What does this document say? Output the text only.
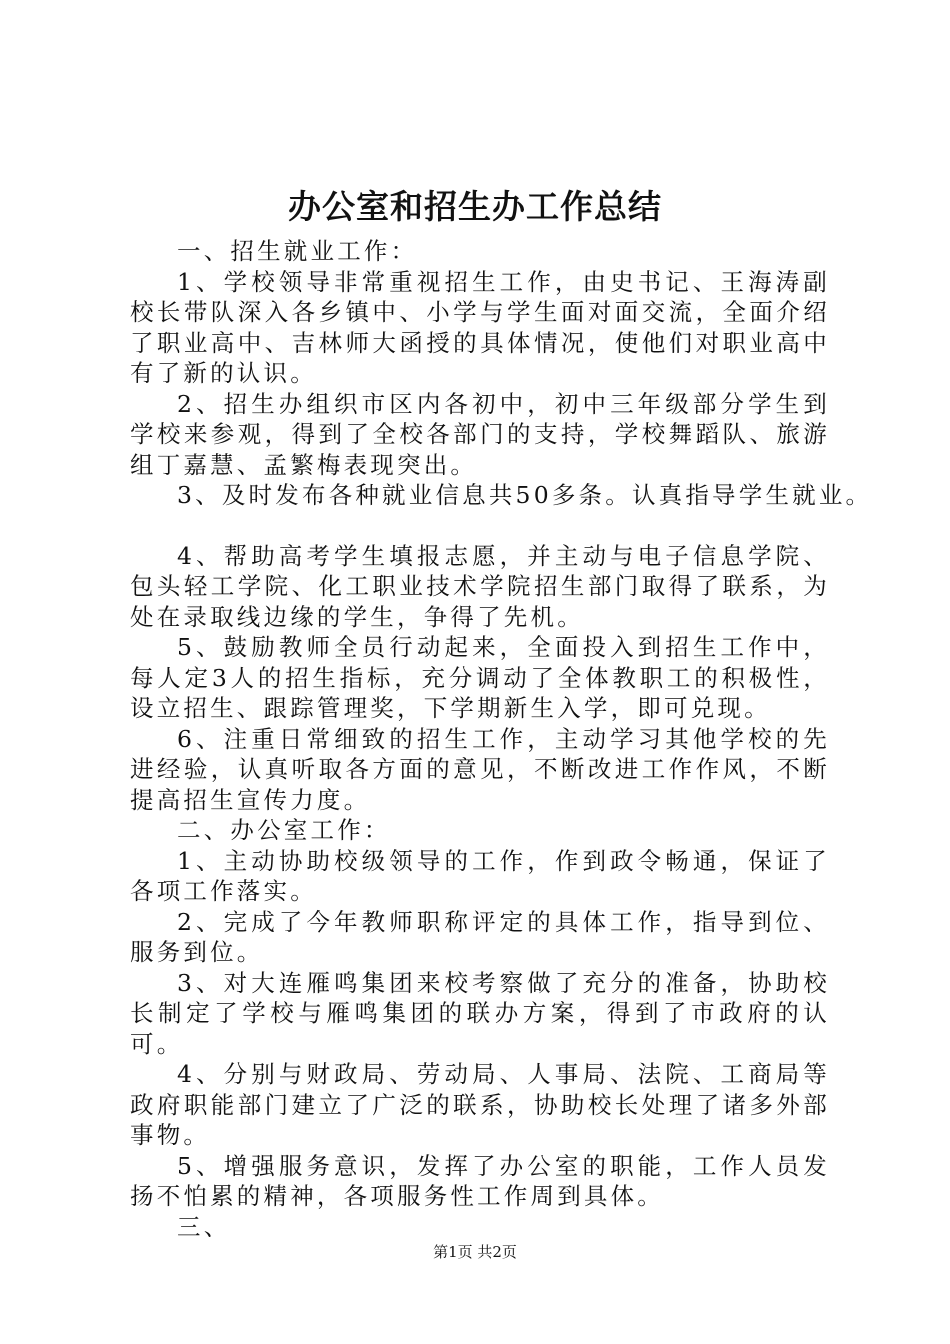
办公室和招生办工作总结

一、招生就业工作：

1、学校领导非常重视招生工作，由史书记、王海涛副校长带队深入各乡镇中、小学与学生面对面交流，全面介绍了职业高中、吉林师大函授的具体情况，使他们对职业高中有了新的认识。

2、招生办组织市区内各初中，初中三年级部分学生到学校来参观，得到了全校各部门的支持，学校舞蹈队、旅游组丁嘉慧、孟繁梅表现突出。

3、及时发布各种就业信息共50多条。认真指导学生就业。

4、帮助高考学生填报志愿，并主动与电子信息学院、包头轻工学院、化工职业技术学院招生部门取得了联系，为处在录取线边缘的学生，争得了先机。

5、鼓励教师全员行动起来，全面投入到招生工作中，每人定3人的招生指标，充分调动了全体教职工的积极性，设立招生、跟踪管理奖，下学期新生入学，即可兑现。

6、注重日常细致的招生工作，主动学习其他学校的先进经验，认真听取各方面的意见，不断改进工作作风，不断提高招生宣传力度。

二、办公室工作：

1、主动协助校级领导的工作，作到政令畅通，保证了各项工作落实。

2、完成了今年教师职称评定的具体工作，指导到位、服务到位。

3、对大连雁鸣集团来校考察做了充分的准备，协助校长制定了学校与雁鸣集团的联办方案，得到了市政府的认可。

4、分别与财政局、劳动局、人事局、法院、工商局等政府职能部门建立了广泛的联系，协助校长处理了诸多外部事物。

5、增强服务意识，发挥了办公室的职能，工作人员发扬不怕累的精神，各项服务性工作周到具体。

三、

第1页 共2页
